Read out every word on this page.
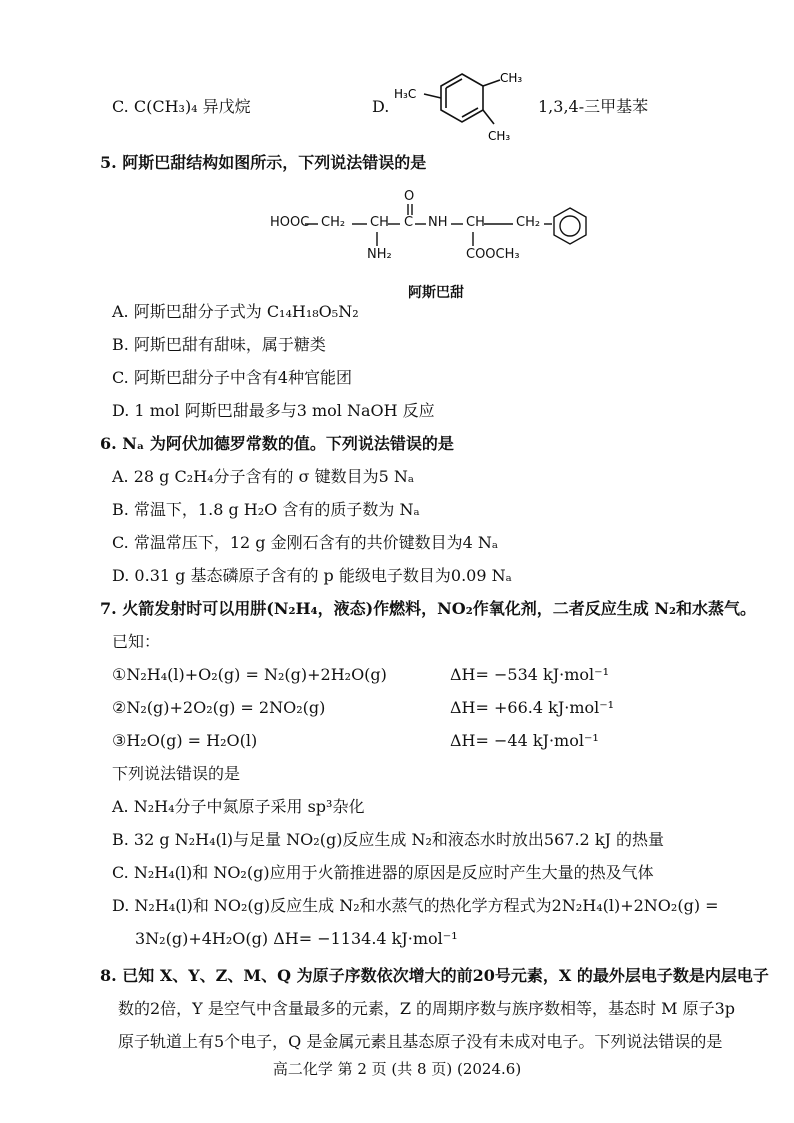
C. C(CH₃)₄ 异戊烷	D.
H₃C
CH₃
CH₃
1,3,4-三甲基苯
5. 阿斯巴甜结构如图所示，下列说法错误的是
HOOC CH₂ CH C
O
NH CH CH₂
NH₂	COOCH₃
阿斯巴甜
A. 阿斯巴甜分子式为 C₁₄H₁₈O₅N₂
B. 阿斯巴甜有甜味，属于糖类
C. 阿斯巴甜分子中含有4种官能团
D. 1 mol 阿斯巴甜最多与3 mol NaOH 反应
6. Nₐ 为阿伏加德罗常数的值。下列说法错误的是
A. 28 g C₂H₄分子含有的 σ 键数目为5 Nₐ
B. 常温下，1.8 g H₂O 含有的质子数为 Nₐ
C. 常温常压下，12 g 金刚石含有的共价键数目为4 Nₐ
D. 0.31 g 基态磷原子含有的 p 能级电子数目为0.09 Nₐ
7. 火箭发射时可以用肼(N₂H₄，液态)作燃料，NO₂作氧化剂，二者反应生成 N₂和水蒸气。
已知：
①N₂H₄(l)+O₂(g) = N₂(g)+2H₂O(g)	ΔH= −534 kJ·mol⁻¹
②N₂(g)+2O₂(g) = 2NO₂(g)	ΔH= +66.4 kJ·mol⁻¹
③H₂O(g) = H₂O(l)	ΔH= −44 kJ·mol⁻¹
下列说法错误的是
A. N₂H₄分子中氮原子采用 sp³杂化
B. 32 g N₂H₄(l)与足量 NO₂(g)反应生成 N₂和液态水时放出567.2 kJ 的热量
C. N₂H₄(l)和 NO₂(g)应用于火箭推进器的原因是反应时产生大量的热及气体
D. N₂H₄(l)和 NO₂(g)反应生成 N₂和水蒸气的热化学方程式为2N₂H₄(l)+2NO₂(g) =
3N₂(g)+4H₂O(g) ΔH= −1134.4 kJ·mol⁻¹
8. 已知 X、Y、Z、M、Q 为原子序数依次增大的前20号元素，X 的最外层电子数是内层电子
数的2倍，Y 是空气中含量最多的元素，Z 的周期序数与族序数相等，基态时 M 原子3p
原子轨道上有5个电子，Q 是金属元素且基态原子没有未成对电子。下列说法错误的是
高二化学 第 2 页 (共 8 页) (2024.6)
